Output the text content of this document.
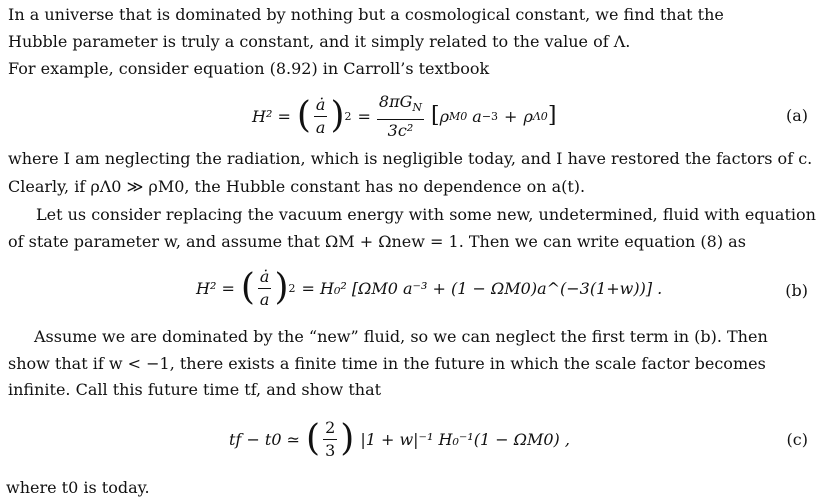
In a universe that is dominated by nothing but a cosmological constant, we find that the
Hubble parameter is truly a constant, and it simply related to the value of Λ.
For example, consider equation (8.92) in Carroll’s textbook
H² = ( $\frac{ȧ}{a}$ ) $2 = \frac{8\pi G_N}{\text{3c²}}$ [ ρ M0 a −3 + ρ Λ0 ]	(a)
where I am neglecting the radiation, which is negligible today, and I have restored the factors of c.
Clearly, if ρΛ0 ≫ ρM0, the Hubble constant has no dependence on a(t).
Let us consider replacing the vacuum energy with some new, undetermined, fluid with equation
of state parameter w, and assume that ΩM + Ωnew = 1. Then we can write equation (8) as
H² = ( $\frac{ȧ}{a}$ ) 2 = H₀² [ΩM0 a⁻³ + (1 − ΩM0)a^(−3(1+w))] .	(b)
Assume we are dominated by the “new” fluid, so we can neglect the first term in (b). Then
show that if w < −1, there exists a finite time in the future in which the scale factor becomes
infinite. Call this future time tf, and show that
tf − t0 ≃ ( $\frac{2}{3}$ ) |1 + w|⁻¹ H₀⁻¹(1 − ΩM0) ,	(c)
where t0 is today.
